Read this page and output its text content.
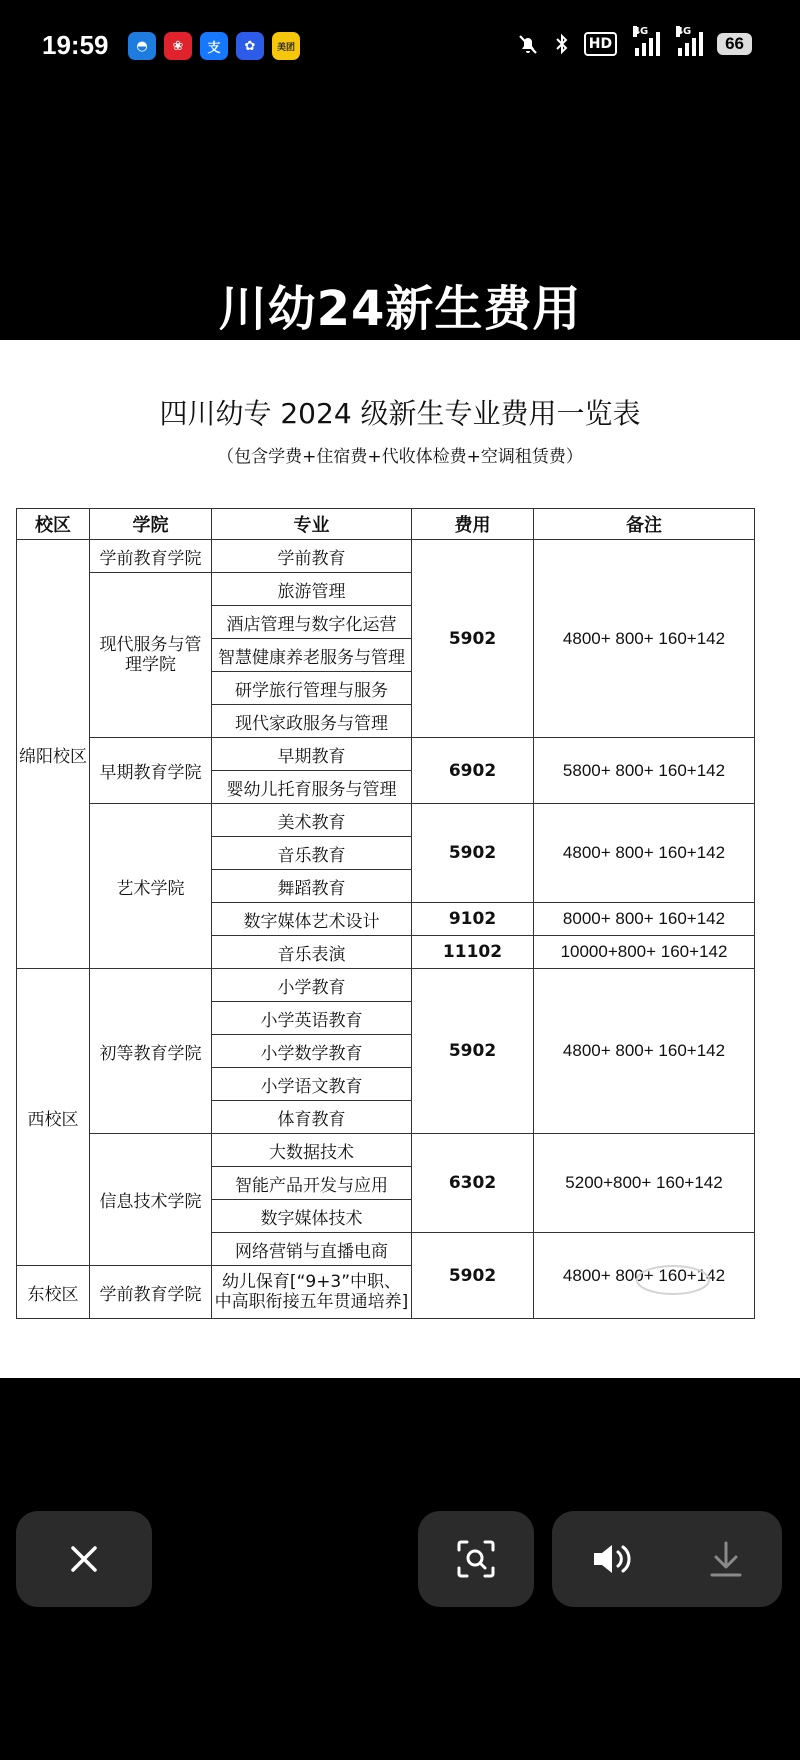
19:59	◓	❀	支	✿	美团	HD
4G	4G
66
川幼24新生费用
四川幼专 2024 级新生专业费用一览表
（包含学费+住宿费+代收体检费+空调租赁费）
校区	学院	专业	费用	备注
绵阳校区	学前教育学院	学前教育	5902	4800+ 800+ 160+142
	现代服务与管理学院	旅游管理		
		酒店管理与数字化运营		
		智慧健康养老服务与管理		
		研学旅行管理与服务		
		现代家政服务与管理		
	早期教育学院	早期教育	6902	5800+ 800+ 160+142
		婴幼儿托育服务与管理		
	艺术学院	美术教育	5902	4800+ 800+ 160+142
		音乐教育		
		舞蹈教育		
		数字媒体艺术设计	9102	8000+ 800+ 160+142
		音乐表演	11102	10000+800+ 160+142
西校区	初等教育学院	小学教育	5902	4800+ 800+ 160+142
		小学英语教育		
		小学数学教育		
		小学语文教育		
		体育教育		
	信息技术学院	大数据技术	6302	5200+800+ 160+142
		智能产品开发与应用		
		数字媒体技术		
		网络营销与直播电商	5902	4800+ 800+ 160+142
东校区	学前教育学院	幼儿保育[“9+3”中职、中高职衔接五年贯通培养]		
